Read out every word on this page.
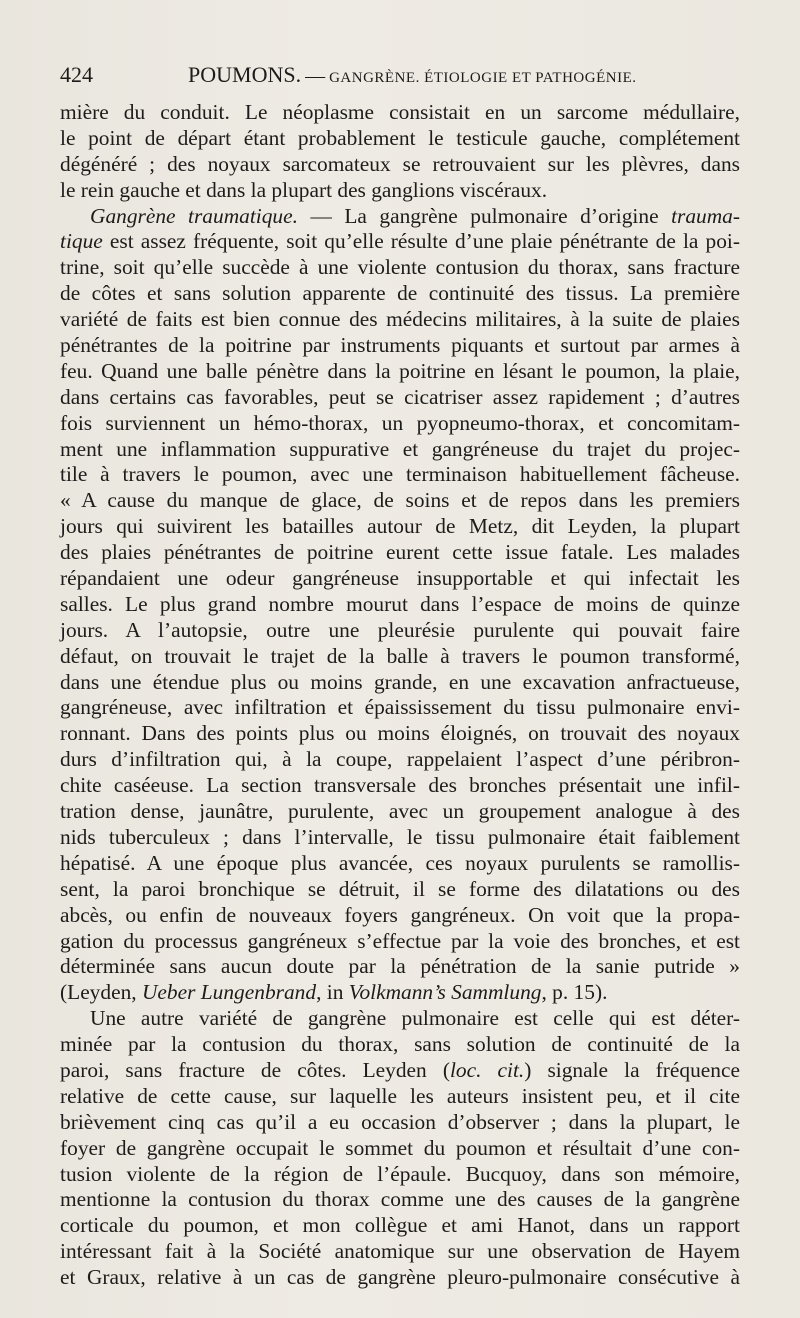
424	POUMONS. — GANGRÈNE. ÉTIOLOGIE ET PATHOGÉNIE.
mière du conduit. Le néoplasme consistait en un sarcome médullaire,
le point de départ étant probablement le testicule gauche, complétement
dégénéré ; des noyaux sarcomateux se retrouvaient sur les plèvres, dans
le rein gauche et dans la plupart des ganglions viscéraux.
Gangrène traumatique. — La gangrène pulmonaire d’origine trauma-
tique est assez fréquente, soit qu’elle résulte d’une plaie pénétrante de la poi-
trine, soit qu’elle succède à une violente contusion du thorax, sans fracture
de côtes et sans solution apparente de continuité des tissus. La première
variété de faits est bien connue des médecins militaires, à la suite de plaies
pénétrantes de la poitrine par instruments piquants et surtout par armes à
feu. Quand une balle pénètre dans la poitrine en lésant le poumon, la plaie,
dans certains cas favorables, peut se cicatriser assez rapidement ; d’autres
fois surviennent un hémo-thorax, un pyopneumo-thorax, et concomitam-
ment une inflammation suppurative et gangréneuse du trajet du projec-
tile à travers le poumon, avec une terminaison habituellement fâcheuse.
« A cause du manque de glace, de soins et de repos dans les premiers
jours qui suivirent les batailles autour de Metz, dit Leyden, la plupart
des plaies pénétrantes de poitrine eurent cette issue fatale. Les malades
répandaient une odeur gangréneuse insupportable et qui infectait les
salles. Le plus grand nombre mourut dans l’espace de moins de quinze
jours. A l’autopsie, outre une pleurésie purulente qui pouvait faire
défaut, on trouvait le trajet de la balle à travers le poumon transformé,
dans une étendue plus ou moins grande, en une excavation anfractueuse,
gangréneuse, avec infiltration et épaississement du tissu pulmonaire envi-
ronnant. Dans des points plus ou moins éloignés, on trouvait des noyaux
durs d’infiltration qui, à la coupe, rappelaient l’aspect d’une péribron-
chite caséeuse. La section transversale des bronches présentait une infil-
tration dense, jaunâtre, purulente, avec un groupement analogue à des
nids tuberculeux ; dans l’intervalle, le tissu pulmonaire était faiblement
hépatisé. A une époque plus avancée, ces noyaux purulents se ramollis-
sent, la paroi bronchique se détruit, il se forme des dilatations ou des
abcès, ou enfin de nouveaux foyers gangréneux. On voit que la propa-
gation du processus gangréneux s’effectue par la voie des bronches, et est
déterminée sans aucun doute par la pénétration de la sanie putride »
(Leyden, Ueber Lungenbrand, in Volkmann’s Sammlung, p. 15).
Une autre variété de gangrène pulmonaire est celle qui est déter-
minée par la contusion du thorax, sans solution de continuité de la
paroi, sans fracture de côtes. Leyden (loc. cit.) signale la fréquence
relative de cette cause, sur laquelle les auteurs insistent peu, et il cite
brièvement cinq cas qu’il a eu occasion d’observer ; dans la plupart, le
foyer de gangrène occupait le sommet du poumon et résultait d’une con-
tusion violente de la région de l’épaule. Bucquoy, dans son mémoire,
mentionne la contusion du thorax comme une des causes de la gangrène
corticale du poumon, et mon collègue et ami Hanot, dans un rapport
intéressant fait à la Société anatomique sur une observation de Hayem
et Graux, relative à un cas de gangrène pleuro-pulmonaire consécutive à
